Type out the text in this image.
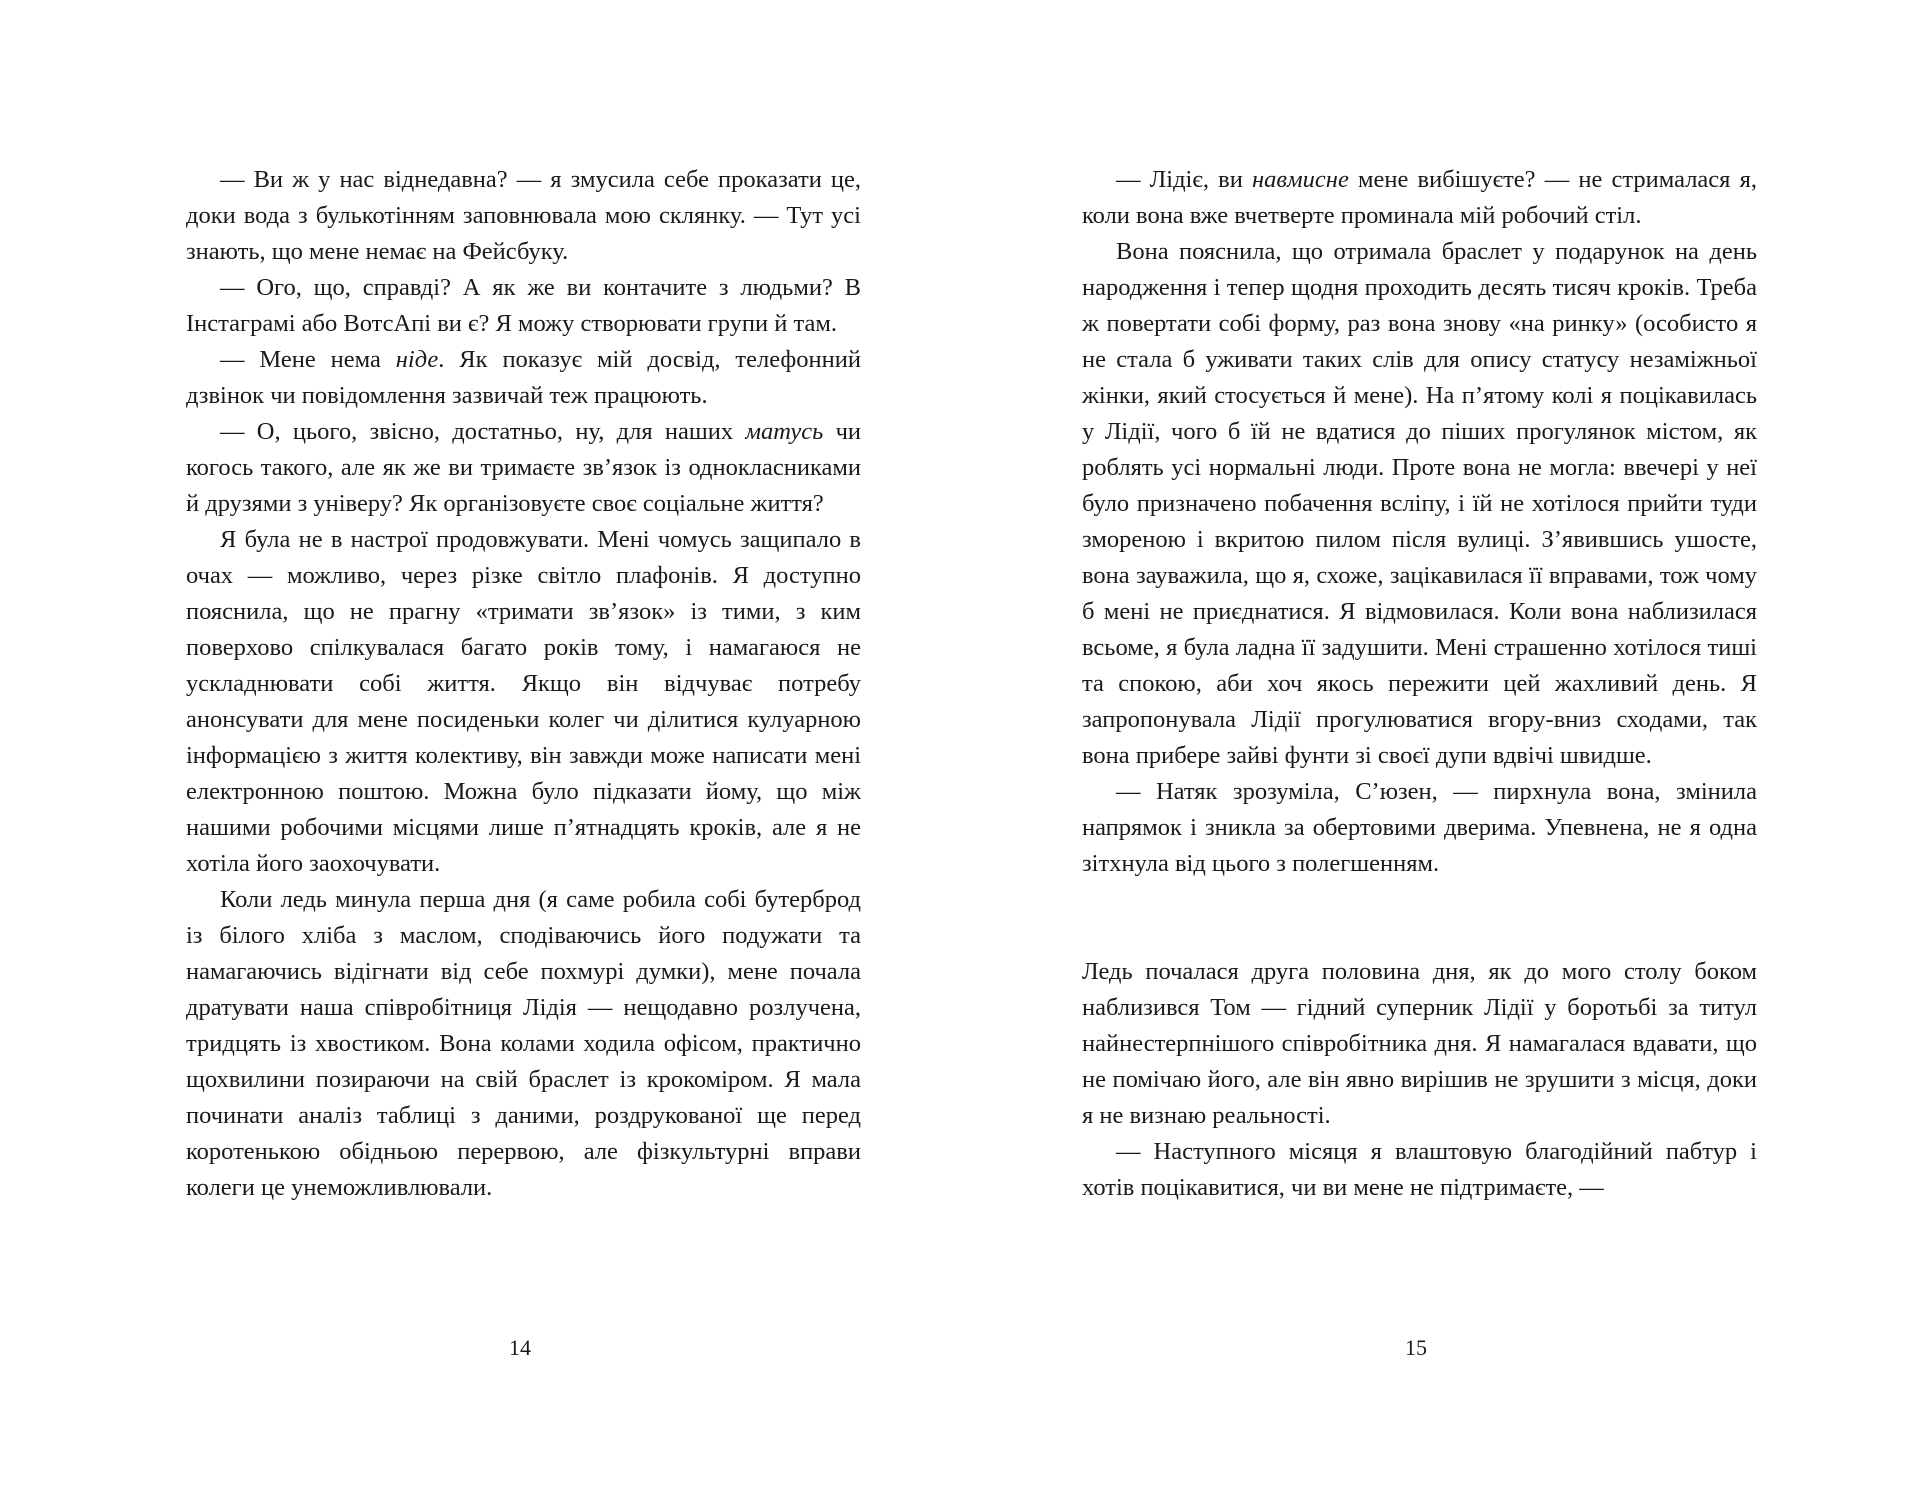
— Ви ж у нас віднедавна? — я змусила себе проказати це, доки вода з булькотінням заповнювала мою склянку. — Тут усі знають, що мене немає на Фейсбуку.

— Ого, що, справді? А як же ви контачите з людьми? В Інстаграмі або ВотсАпі ви є? Я можу створювати групи й там.

— Мене нема ніде. Як показує мій досвід, телефонний дзвінок чи повідомлення зазвичай теж працюють.

— О, цього, звісно, достатньо, ну, для наших матусь чи когось такого, але як же ви тримаєте зв’язок із однокласниками й друзями з універу? Як організовуєте своє соціальне життя?

Я була не в настрої продовжувати. Мені чомусь защипало в очах — можливо, через різке світло плафонів. Я доступно пояснила, що не прагну «тримати зв’язок» із тими, з ким поверхово спілкувалася багато років тому, і намагаюся не ускладнювати собі життя. Якщо він відчуває потребу анонсувати для мене посиденьки колег чи ділитися кулуарною інформацією з життя колективу, він завжди може написати мені електронною поштою. Можна було підказати йому, що між нашими робочими місцями лише п’ятнадцять кроків, але я не хотіла його заохочувати.

Коли ледь минула перша дня (я саме робила собі бутерброд із білого хліба з маслом, сподіваючись його подужати та намагаючись відігнати від себе похмурі думки), мене почала дратувати наша співробітниця Лідія — нещодавно розлучена, тридцять із хвостиком. Вона колами ходила офісом, практично щохвилини позираючи на свій браслет із крокоміром. Я мала починати аналіз таблиці з даними, роздрукованої ще перед коротенькою обідньою перервою, але фізкультурні вправи колеги це унеможливлювали.

— Лідіє, ви навмисне мене вибішуєте? — не стрималася я, коли вона вже вчетверте проминала мій робочий стіл.

Вона пояснила, що отримала браслет у подарунок на день народження і тепер щодня проходить десять тисяч кроків. Треба ж повертати собі форму, раз вона знову «на ринку» (особисто я не стала б уживати таких слів для опису статусу незаміжньої жінки, який стосується й мене). На п’ятому колі я поцікавилась у Лідії, чого б їй не вдатися до піших прогулянок містом, як роблять усі нормальні люди. Проте вона не могла: ввечері у неї було призначено побачення всліпу, і їй не хотілося прийти туди змореною і вкритою пилом після вулиці. З’явившись ушосте, вона зауважила, що я, схоже, зацікавилася її вправами, тож чому б мені не приєднатися. Я відмовилася. Коли вона наблизилася всьоме, я була ладна її задушити. Мені страшенно хотілося тиші та спокою, аби хоч якось пережити цей жахливий день. Я запропонувала Лідії прогулюватися вгору-вниз сходами, так вона прибере зайві фунти зі своєї дупи вдвічі швидше.

— Натяк зрозуміла, С’юзен, — пирхнула вона, змінила напрямок і зникла за обертовими дверима. Упевнена, не я одна зітхнула від цього з полегшенням.

Ледь почалася друга половина дня, як до мого столу боком наблизився Том — гідний суперник Лідії у боротьбі за титул найнестерпнішого співробітника дня. Я намагалася вдавати, що не помічаю його, але він явно вирішив не зрушити з місця, доки я не визнаю реальності.

— Наступного місяця я влаштовую благодійний пабтур і хотів поцікавитися, чи ви мене не підтримаєте, —

14	15
